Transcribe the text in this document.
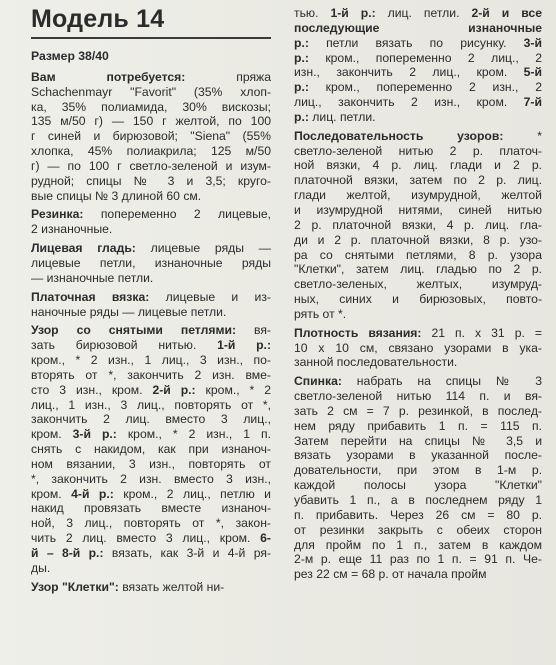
Модель 14
Размер 38/40
Вам потребуется: пряжа
Schachenmayr "Favorit" (35% хлоп-
ка, 35% полиамида, 30% вискозы;
135 м/50 г) — 150 г желтой, по 100
г синей и бирюзовой; "Siena" (55%
хлопка, 45% полиакрила; 125 м/50
г) — по 100 г светло-зеленой и изум-
рудной; спицы № 3 и 3,5; круго-
вые спицы № 3 длиной 60 см.
Резинка: попеременно 2 лицевые,
2 изнаночные.
Лицевая гладь: лицевые ряды —
лицевые петли, изнаночные ряды
— изнаночные петли.
Платочная вязка: лицевые и из-
наночные ряды — лицевые петли.
Узор со снятыми петлями: вя-
зать бирюзовой нитью. 1-й р.:
кром., * 2 изн., 1 лиц., 3 изн., по-
вторять от *, закончить 2 изн. вме-
сто 3 изн., кром. 2-й р.: кром., * 2
лиц., 1 изн., 3 лиц., повторять от *,
закончить 2 лиц. вместо 3 лиц.,
кром. 3-й р.: кром., * 2 изн., 1 п.
снять с накидом, как при изнаноч-
ном вязании, 3 изн., повторять от
*, закончить 2 изн. вместо 3 изн.,
кром. 4-й р.: кром., 2 лиц., петлю и
накид провязать вместе изнаноч-
ной, 3 лиц., повторять от *, закон-
чить 2 лиц. вместо 3 лиц., кром. 6-
й – 8-й р.: вязать, как 3-й и 4-й ря-
ды.
Узор "Клетки": вязать желтой ни-
тью. 1-й р.: лиц. петли. 2-й и все
последующие изнаночные
р.: петли вязать по рисунку. 3-й
р.: кром., попеременно 2 лиц., 2
изн., закончить 2 лиц., кром. 5-й
р.: кром., попеременно 2 изн., 2
лиц., закончить 2 изн., кром. 7-й
р.: лиц. петли.
Последовательность узоров: *
светло-зеленой нитью 2 р. платоч-
ной вязки, 4 р. лиц. глади и 2 р.
платочной вязки, затем по 2 р. лиц.
глади желтой, изумрудной, желтой
и изумрудной нитями, синей нитью
2 р. платочной вязки, 4 р. лиц. гла-
ди и 2 р. платочной вязки, 8 р. узо-
ра со снятыми петлями, 8 р. узора
"Клетки", затем лиц. гладью по 2 р.
светло-зеленых, желтых, изумруд-
ных, синих и бирюзовых, повто-
рять от *.
Плотность вязания: 21 п. х 31 р. =
10 х 10 см, связано узорами в ука-
занной последовательности.
Спинка: набрать на спицы № 3
светло-зеленой нитью 114 п. и вя-
зать 2 см = 7 р. резинкой, в послед-
нем ряду прибавить 1 п. = 115 п.
Затем перейти на спицы № 3,5 и
вязать узорами в указанной после-
довательности, при этом в 1-м р.
каждой полосы узора "Клетки"
убавить 1 п., а в последнем ряду 1
п. прибавить. Через 26 см = 80 р.
от резинки закрыть с обеих сторон
для пройм по 1 п., затем в каждом
2-м р. еще 11 раз по 1 п. = 91 п. Че-
рез 22 см = 68 р. от начала пройм
